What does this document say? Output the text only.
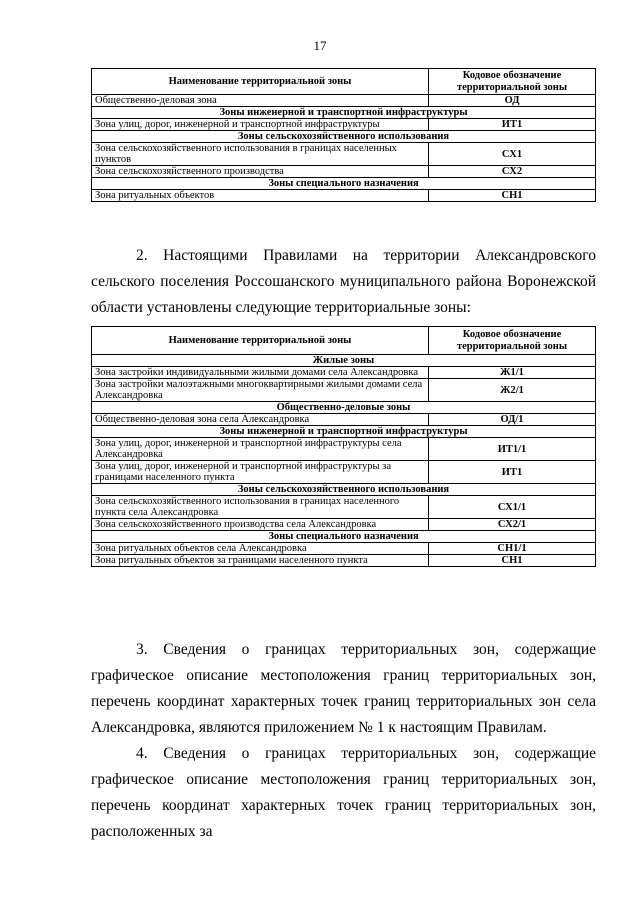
17
Наименование территориальной зоны	Кодовое обозначение территориальной зоны
Общественно-деловая зона	ОД
Зоны инженерной и транспортной инфраструктуры	
Зона улиц, дорог, инженерной и транспортной инфраструктуры	ИТ1
Зоны сельскохозяйственного использования	
Зона сельскохозяйственного использования в границах населенных пунктов	СХ1
Зона сельскохозяйственного производства	СХ2
Зоны специального назначения	
Зона ритуальных объектов	СН1
2. Настоящими Правилами на территории Александровского сельского поселения Россошанского муниципального района Воронежской области установлены следующие территориальные зоны:
Наименование территориальной зоны	Кодовое обозначение территориальной зоны
Жилые зоны	
Зона застройки индивидуальными жилыми домами села Александровка	Ж1/1
Зона застройки малоэтажными многоквартирными жилыми домами села Александровка	Ж2/1
Общественно-деловые зоны	
Общественно-деловая зона села Александровка	ОД/1
Зоны инженерной и транспортной инфраструктуры	
Зона улиц, дорог, инженерной и транспортной инфраструктуры села Александровка	ИТ1/1
Зона улиц, дорог, инженерной и транспортной инфраструктуры за границами населенного пункта	ИТ1
Зоны сельскохозяйственного использования	
Зона сельскохозяйственного использования в границах населенного пункта села Александровка	СХ1/1
Зона сельскохозяйственного производства села Александровка	СХ2/1
Зоны специального назначения	
Зона ритуальных объектов села Александровка	СН1/1
Зона ритуальных объектов за границами населенного пункта	СН1
3. Сведения о границах территориальных зон, содержащие графическое описание местоположения границ территориальных зон, перечень координат характерных точек границ территориальных зон села Александровка, являются приложением № 1 к настоящим Правилам.
4. Сведения о границах территориальных зон, содержащие графическое описание местоположения границ территориальных зон, перечень координат характерных точек границ территориальных зон, расположенных за
